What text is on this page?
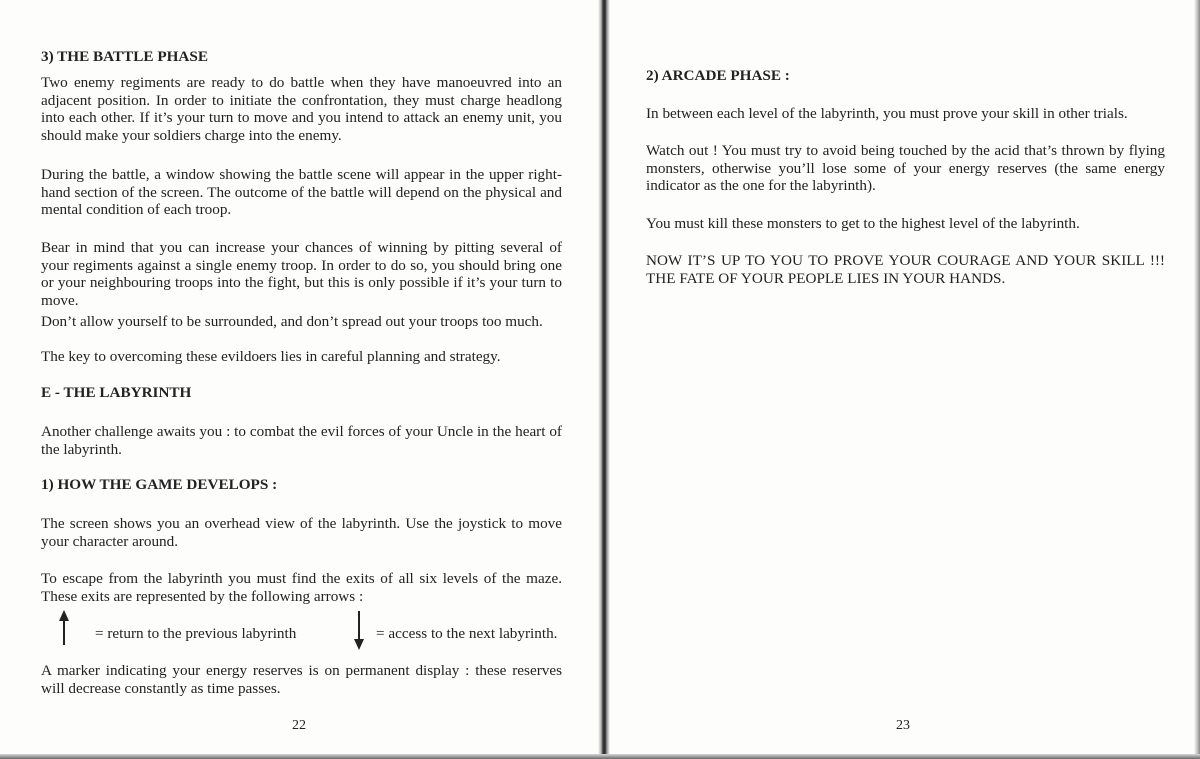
3) THE BATTLE PHASE

Two enemy regiments are ready to do battle when they have manoeuvred into an adjacent position. In order to initiate the confrontation, they must charge headlong into each other. If it’s your turn to move and you intend to attack an enemy unit, you should make your soldiers charge into the enemy.

During the battle, a window showing the battle scene will appear in the upper right-hand section of the screen. The outcome of the battle will depend on the physical and mental condition of each troop.

Bear in mind that you can increase your chances of winning by pitting several of your regiments against a single enemy troop. In order to do so, you should bring one or your neighbouring troops into the fight, but this is only possible if it’s your turn to move.

Don’t allow yourself to be surrounded, and don’t spread out your troops too much.

The key to overcoming these evildoers lies in careful planning and strategy.

E - THE LABYRINTH

Another challenge awaits you : to combat the evil forces of your Uncle in the heart of the labyrinth.

1) HOW THE GAME DEVELOPS :

The screen shows you an overhead view of the labyrinth. Use the joystick to move your character around.

To escape from the labyrinth you must find the exits of all six levels of the maze. These exits are represented by the following arrows :

= return to the previous labyrinth	= access to the next labyrinth.

A marker indicating your energy reserves is on permanent display : these reserves will decrease constantly as time passes.

22

2) ARCADE PHASE :

In between each level of the labyrinth, you must prove your skill in other trials.

Watch out ! You must try to avoid being touched by the acid that’s thrown by flying monsters, otherwise you’ll lose some of your energy reserves (the same energy indicator as the one for the labyrinth).

You must kill these monsters to get to the highest level of the labyrinth.

NOW IT’S UP TO YOU TO PROVE YOUR COURAGE AND YOUR SKILL !!! THE FATE OF YOUR PEOPLE LIES IN YOUR HANDS.

23
